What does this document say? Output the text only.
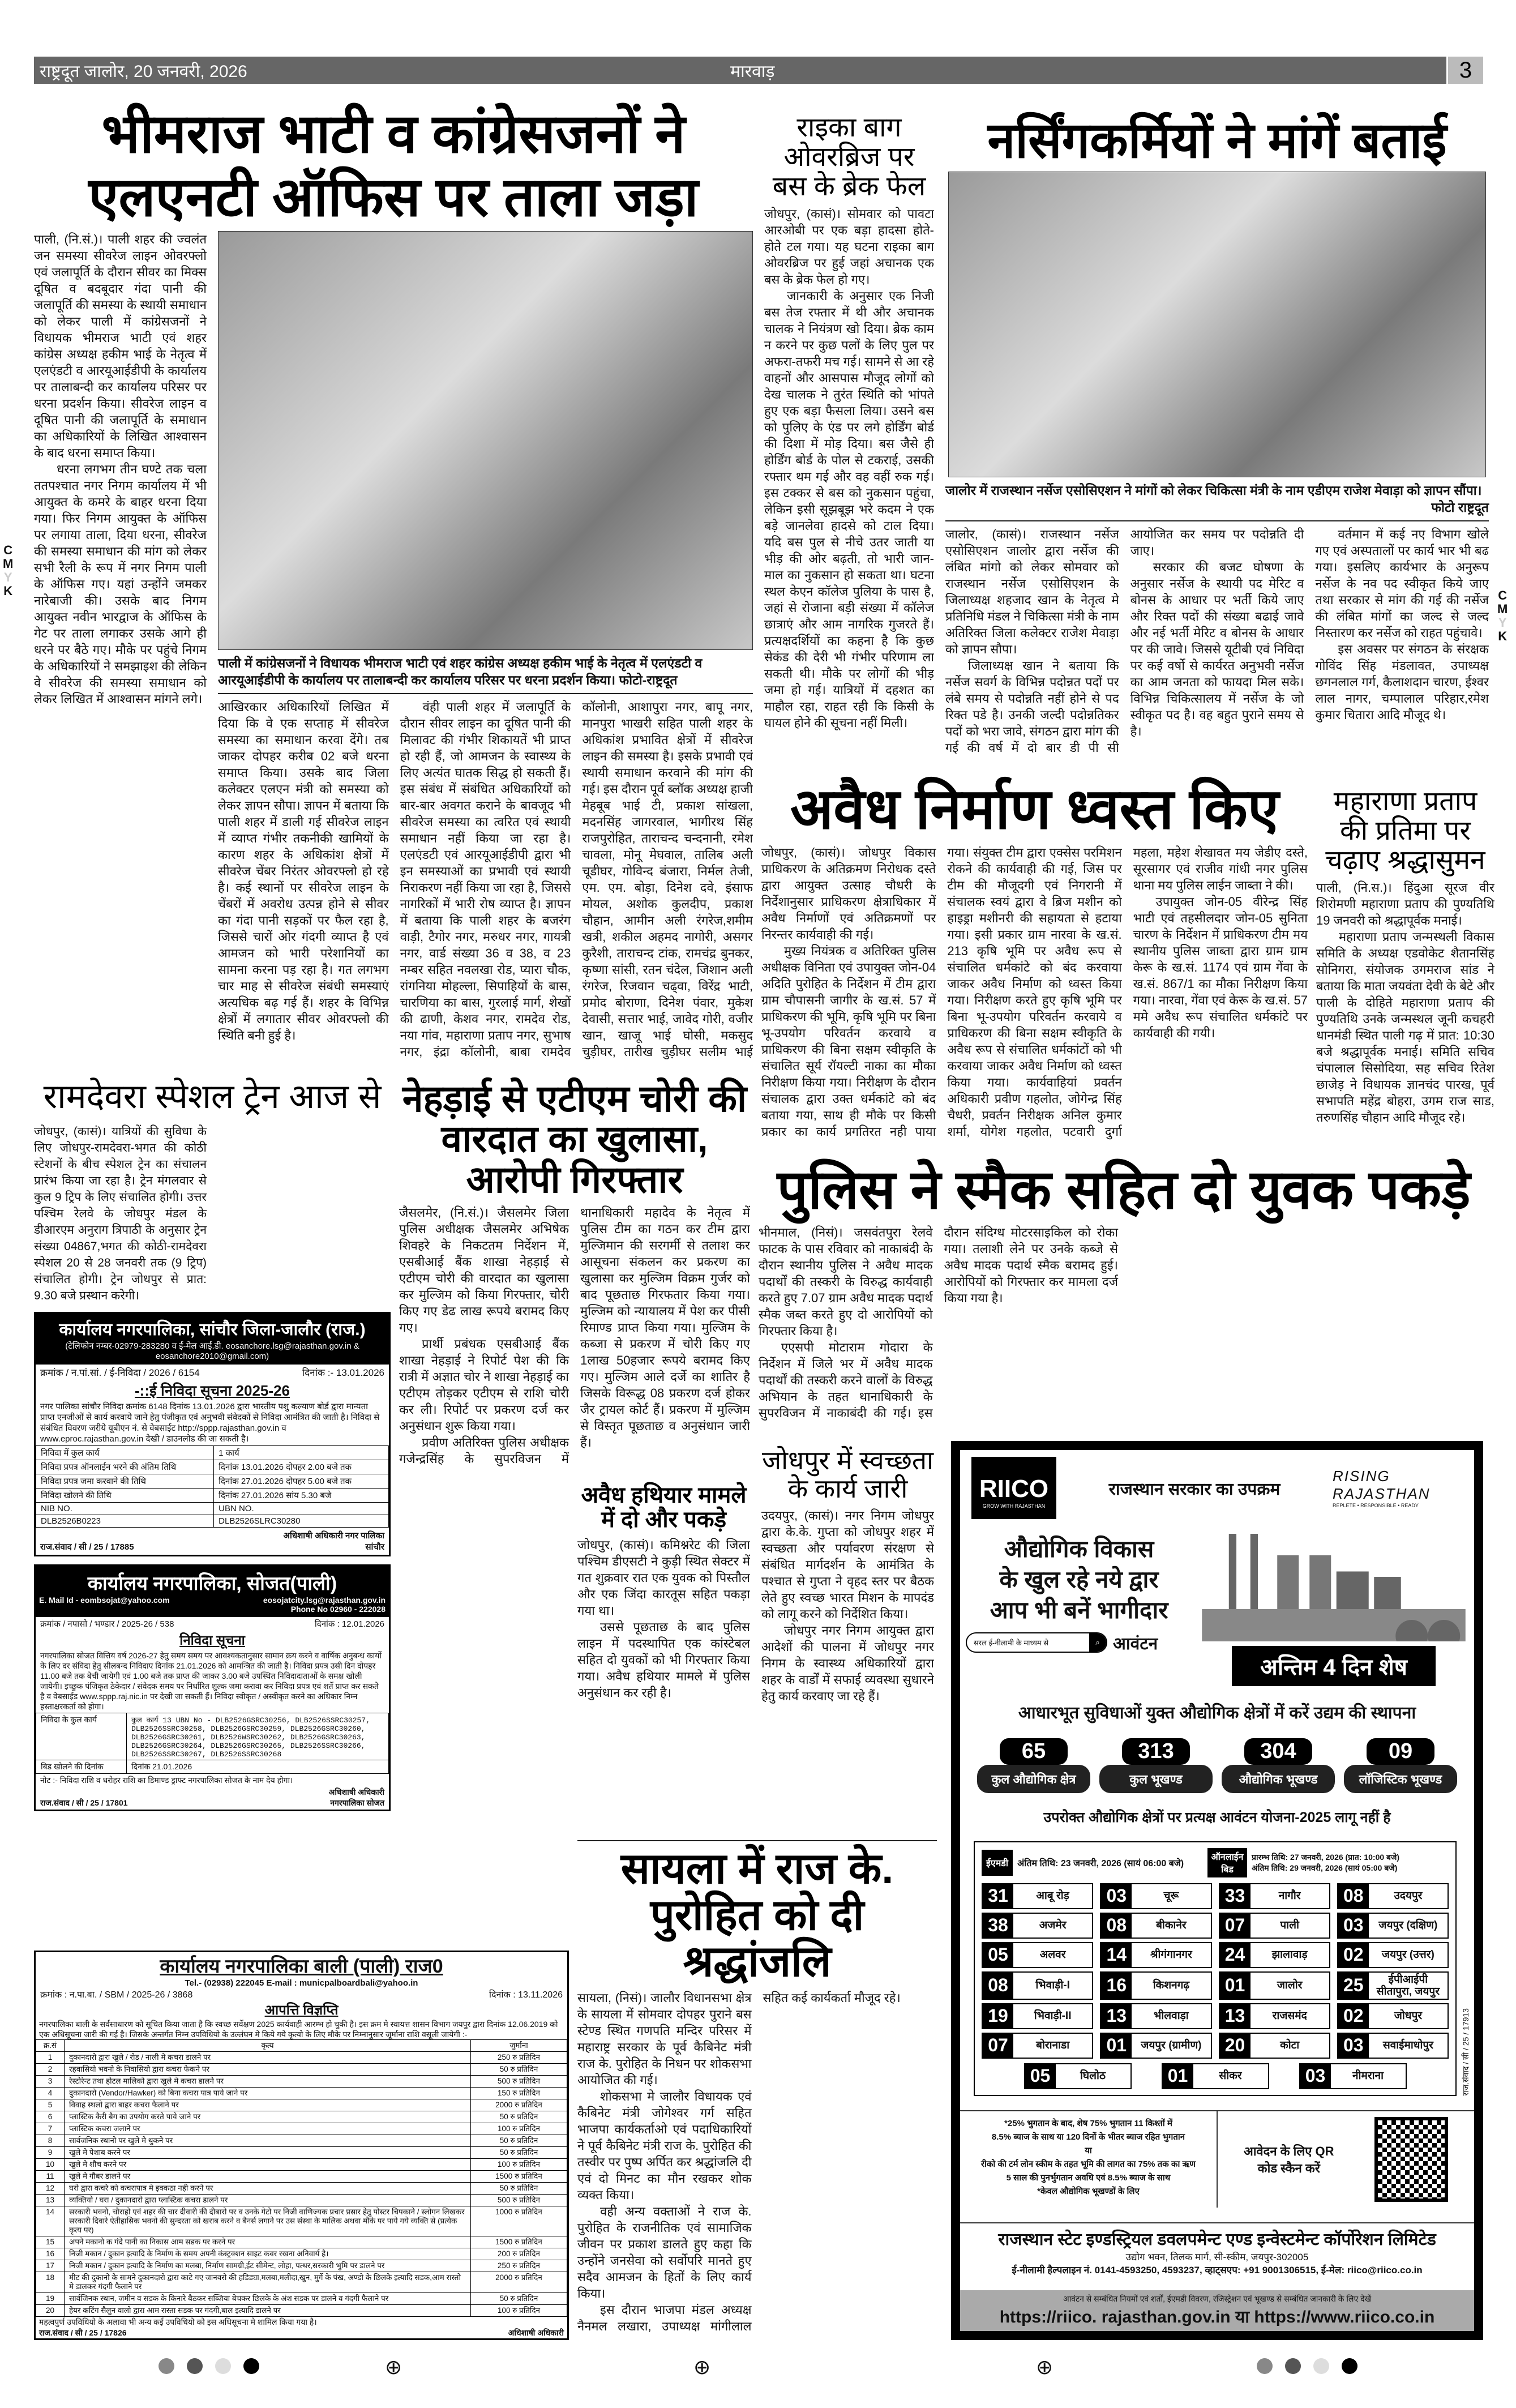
राष्ट्रदूत जालोर, 20 जनवरी, 2026	मारवाड़	3
भीमराज भाटी व कांग्रेसजनों ने
एलएनटी ऑफिस पर ताला जड़ा

पाली, (नि.सं.)। पाली शहर की ज्वलंत जन समस्या सीवरेज लाइन ओवरफ्लो एवं जलापूर्ति के दौरान सीवर का मिक्स दूषित व बदबूदार गंदा पानी की जलापूर्ति की समस्या के स्थायी समाधान को लेकर पाली में कांग्रेसजनों ने विधायक भीमराज भाटी एवं शहर कांग्रेस अध्यक्ष हकीम भाई के नेतृत्व में एलएंडटी व आरयूआईडीपी के कार्यालय पर तालाबन्दी कर कार्यालय परिसर पर धरना प्रदर्शन किया। सीवरेज लाइन व दूषित पानी की जलापूर्ति के समाधान का अधिकारियों के लिखित आश्वासन के बाद धरना समाप्त किया।

धरना लगभग तीन घण्टे तक चला ततपश्चात नगर निगम कार्यालय में भी आयुक्त के कमरे के बाहर धरना दिया गया। फिर निगम आयुक्त के ऑफिस पर लगाया ताला, दिया धरना, सीवरेज की समस्या समाधान की मांग को लेकर सभी रैली के रूप में नगर निगम पाली के ऑफिस गए। यहां उन्होंने जमकर नारेबाजी की। उसके बाद निगम आयुक्त नवीन भारद्वाज के ऑफिस के गेट पर ताला लगाकर उसके आगे ही धरने पर बैठे गए। मौके पर पहुंचे निगम के अधिकारियों ने समझाइश की लेकिन वे सीवरेज की समस्या समाधान को लेकर लिखित में आश्वासन मांगने लगे।

पाली में कांग्रेसजनों ने विधायक भीमराज भाटी एवं शहर कांग्रेस अध्यक्ष हकीम भाई के नेतृत्व में एलएंडटी व आरयूआईडीपी के कार्यालय पर तालाबन्दी कर कार्यालय परिसर पर धरना प्रदर्शन किया। फोटो-राष्ट्रदूत

आखिरकार अधिकारियों लिखित में दिया कि वे एक सप्ताह में सीवरेज समस्या का समाधान करवा देंगे। तब जाकर दोपहर करीब 02 बजे धरना समाप्त किया। उसके बाद जिला कलेक्टर एलएन मंत्री को समस्या को लेकर ज्ञापन सौपा। ज्ञापन में बताया कि पाली शहर में डाली गई सीवरेज लाइन में व्याप्त गंभीर तकनीकी खामियों के कारण शहर के अधिकांश क्षेत्रों में सीवरेज चेंबर निरंतर ओवरफ्लो हो रहे है। कई स्थानों पर सीवरेज लाइन के चेंबरों में अवरोध उत्पन्न होने से सीवर का गंदा पानी सड़कों पर फैल रहा है, जिससे चारों ओर गंदगी व्याप्त है एवं आमजन को भारी परेशानियों का सामना करना पड़ रहा है। गत लगभग चार माह से सीवरेज संबंधी समस्याएं अत्यधिक बढ़ गई हैं। शहर के विभिन्न क्षेत्रों में लगातार सीवर ओवरफ्लो की स्थिति बनी हुई है।

वंही पाली शहर में जलापूर्ति के दौरान सीवर लाइन का दूषित पानी की मिलावट की गंभीर शिकायतें भी प्राप्त हो रही हैं, जो आमजन के स्वास्थ्य के लिए अत्यंत घातक सिद्ध हो सकती हैं। इस संबंध में संबंधित अधिकारियों को बार-बार अवगत कराने के बावजूद भी सीवरेज समस्या का त्वरित एवं स्थायी समाधान नहीं किया जा रहा है। एलएंडटी एवं आरयूआईडीपी द्वारा भी इन समस्याओं का प्रभावी एवं स्थायी निराकरण नहीं किया जा रहा है, जिससे नागरिकों में भारी रोष व्याप्त है। ज्ञापन में बताया कि पाली शहर के बजरंग वाड़ी, टैगोर नगर, मरुधर नगर, गायत्री नगर, वार्ड संख्या 36 व 38, व 23 नम्बर सहित नवलखा रोड, प्यारा चौक, रांगनिया मोहल्ला, सिपाहियों के बास, चारणिया का बास, गुरलाई मार्ग, शेखों की ढाणी, केशव नगर, रामदेव रोड, नया गांव, महाराणा प्रताप नगर, सुभाष नगर, इंद्रा कॉलोनी, बाबा रामदेव कॉलोनी, आशापुरा नगर, बापू नगर, मानपुरा भाखरी सहित पाली शहर के अधिकांश प्रभावित क्षेत्रों में सीवरेज लाइन की समस्या है। इसके प्रभावी एवं स्थायी समाधान करवाने की मांग की गई। इस दौरान पूर्व ब्लॉक अध्यक्ष हाजी मेहबूब भाई टी, प्रकाश सांखला, मदनसिंह जागरवाल, भागीरथ सिंह राजपुरोहित, ताराचन्द चन्दनानी, रमेश चावला, मोनू मेघवाल, तालिब अली चूडीघर, गोविन्द बंजारा, निर्मल तेजी, एम. एम. बोड़ा, दिनेश दवे, इंसाफ मोयल, अशोक कुलदीप, प्रकाश चौहान, आमीन अली रंगरेज,शमीम खत्री, शकील अहमद नागोरी, असगर कुरैशी, ताराचन्द टांक, रामचंद्र बुनकर, कृष्णा सांसी, रतन चंदेल, जिशान अली रंगरेज, रिजवान चढ्वा, विरेंद्र भाटी, प्रमोद बोराणा, दिनेश पंवार, मुकेश देवासी, सत्तार भाई, जावेद गोरी, वजीर खान, खाजू भाई घोसी, मकसुद चुड़ीघर, तारीख चुड़ीघर सलीम भाई

राइका बाग ओवरब्रिज पर बस के ब्रेक फेल

जोधपुर, (कासं)। सोमवार को पावटा आरओबी पर एक बड़ा हादसा होते-होते टल गया। यह घटना राइका बाग ओवरब्रिज पर हुई जहां अचानक एक बस के ब्रेक फेल हो गए।

जानकारी के अनुसार एक निजी बस तेज रफ्तार में थी और अचानक चालक ने नियंत्रण खो दिया। ब्रेक काम न करने पर कुछ पलों के लिए पुल पर अफरा-तफरी मच गई। सामने से आ रहे वाहनों और आसपास मौजूद लोगों को देख चालक ने तुरंत स्थिति को भांपते हुए एक बड़ा फैसला लिया। उसने बस को पुलिए के एंड पर लगे होर्डिंग बोर्ड की दिशा में मोड़ दिया। बस जैसे ही होर्डिंग बोर्ड के पोल से टकराई, उसकी रफ्तार थम गई और वह वहीं रुक गई। इस टक्कर से बस को नुकसान पहुंचा, लेकिन इसी सूझबूझ भरे कदम ने एक बड़े जानलेवा हादसे को टाल दिया। यदि बस पुल से नीचे उतर जाती या भीड़ की ओर बढ़ती, तो भारी जान-माल का नुकसान हो सकता था। घटना स्थल केएन कॉलेज पुलिया के पास है, जहां से रोजाना बड़ी संख्या में कॉलेज छात्राएं और आम नागरिक गुजरते हैं। प्रत्यक्षदर्शियों का कहना है कि कुछ सेकंड की देरी भी गंभीर परिणाम ला सकती थी। मौके पर लोगों की भीड़ जमा हो गई। यात्रियों में दहशत का माहौल रहा, राहत रही कि किसी के घायल होने की सूचना नहीं मिली।

नर्सिंगकर्मियों ने मांगें बताई
जालोर में राजस्थान नर्सेज एसोसिएशन ने मांगों को लेकर चिकित्सा मंत्री के नाम एडीएम राजेश मेवाड़ा को ज्ञापन सौंपा।
फोटो राष्ट्रदूत

जालोर, (कासं)। राजस्थान नर्सेज एसोसिएशन जालोर द्वारा नर्सेज की लंबित मांगो को लेकर सोमवार को राजस्थान नर्सेज एसोसिएशन के जिलाध्यक्ष शहजाद खान के नेतृत्व मे प्रतिनिधि मंडल ने चिकित्सा मंत्री के नाम अतिरिक्त जिला कलेक्टर राजेश मेवाड़ा को ज्ञापन सौपा।

जिलाध्यक्ष खान ने बताया कि नर्सेज सवर्ग के विभिन्न पदोन्नत पदों पर लंबे समय से पदोन्नति नहीं होने से पद रिक्त पडे है। उनकी जल्दी पदोन्नतिकर पदों को भरा जावे, संगठन द्वारा मांग की गई की वर्ष में दो बार डी पी सी आयोजित कर समय पर पदोन्नति दी जाए।

सरकार की बजट घोषणा के अनुसार नर्सेज के स्थायी पद मेरिट व बोनस के आधार पर भर्ती किये जाए और रिक्त पदों की संख्या बढाई जावे और नई भर्ती मेरिट व बोनस के आधार पर की जावे। जिससे यूटीबी एवं निविदा पर कई वर्षो से कार्यरत अनुभवी नर्सेज का आम जनता को फायदा मिल सके। विभिन्न चिकित्सालय में नर्सेज के जो स्वीकृत पद है। वह बहुत पुराने समय से है।

वर्तमान में कई नए विभाग खोले गए एवं अस्पतालों पर कार्य भार भी बढ गया। इसलिए कार्यभार के अनुरूप नर्सेज के नव पद स्वीकृत किये जाए तथा सरकार से मांग की गई की नर्सेज की लंबित मांगों का जल्द से जल्द निस्तारण कर नर्सेज को राहत पहुंचावे।

इस अवसर पर संगठन के संरक्षक गोविंद सिंह मंडलावत, उपाध्यक्ष छगनलाल गर्ग, कैलाशदान चारण, ईश्वर लाल नागर, चम्पालाल परिहार,रमेश कुमार चितारा आदि मौजूद थे।

अवैध निर्माण ध्वस्त किए

जोधपुर, (कासं)। जोधपुर विकास प्राधिकरण के अतिक्रमण निरोधक दस्ते द्वारा आयुक्त उत्साह चौधरी के निर्देशानुसार प्राधिकरण क्षेत्राधिकार में अवैध निर्माणों एवं अतिक्रमणों पर निरन्तर कार्यवाही की गई।

मुख्य नियंत्रक व अतिरिक्त पुलिस अधीक्षक विनिता एवं उपायुक्त जोन-04 अदिति पुरोहित के निर्देशन में टीम द्वारा ग्राम चौपासनी जागीर के ख.सं. 57 में प्राधिकरण की भूमि, कृषि भूमि पर बिना भू-उपयोग परिवर्तन करवाये व प्राधिकरण की बिना सक्षम स्वीकृति के संचालित सूर्य रॉयल्टी नाका का मौका निरीक्षण किया गया। निरीक्षण के दौरान संचालक द्वारा उक्त धर्मकांटे को बंद बताया गया, साथ ही मौके पर किसी प्रकार का कार्य प्रगतिरत नही पाया गया। संयुक्त टीम द्वारा एक्सेस परमिशन रोकने की कार्यवाही की गई, जिस पर टीम की मौजूदगी एवं निगरानी में संचालक स्वयं द्वारा वे ब्रिज मशीन को हाइड्रा मशीनरी की सहायता से हटाया गया। इसी प्रकार ग्राम नारवा के ख.सं. 213 कृषि भूमि पर अवैध रूप से संचालित धर्मकांटे को बंद करवाया जाकर अवैध निर्माण को ध्वस्त किया गया। निरीक्षण करते हुए कृषि भूमि पर बिना भू-उपयोग परिवर्तन करवाये व प्राधिकरण की बिना सक्षम स्वीकृति के अवैध रूप से संचालित धर्मकांटों को भी करवाया जाकर अवैध निर्माण को ध्वस्त किया गया। कार्यवाहियां प्रवर्तन अधिकारी प्रवीण गहलोत, जोगेन्द्र सिंह चैधरी, प्रवर्तन निरीक्षक अनिल कुमार शर्मा, योगेश गहलोत, पटवारी दुर्गा महला, महेश शेखावत मय जेडीए दस्ते, सूरसागर एवं राजीव गांधी नगर पुलिस थाना मय पुलिस लाईन जाब्ता ने की।

उपायुक्त जोन-05 वीरेन्द्र सिंह भाटी एवं तहसीलदार जोन-05 सुनिता चारण के निर्देशन में प्राधिकरण टीम मय स्थानीय पुलिस जाब्ता द्वारा ग्राम ग्राम केरू के ख.सं. 1174 एवं ग्राम गेंवा के ख.सं. 867/1 का मौका निरीक्षण किया गया। नारवा, गेंवा एवं केरू के ख.सं. 57 ममे अवैध रूप संचालित धर्मकांटे पर कार्यवाही की गयी।

महाराणा प्रताप की प्रतिमा पर चढ़ाए श्रद्धासुमन

पाली, (नि.स.)। हिंदुआ सूरज वीर शिरोमणी महाराणा प्रताप की पुण्यतिथि 19 जनवरी को श्रद्धापूर्वक मनाई।

महाराणा प्रताप जन्मस्थली विकास समिति के अध्यक्ष एडवोकेट शैतानसिंह सोनिगरा, संयोजक उगमराज सांड ने बताया कि माता जयवंता देवी के बेटे और पाली के दोहिते महाराणा प्रताप की पुण्यतिथि उनके जन्मस्थल जूनी कचहरी धानमंडी स्थित पाली गढ़ में प्रात: 10:30 बजे श्रद्धापूर्वक मनाई। समिति सचिव चंपालाल सिसोदिया, सह सचिव रितेश छाजेड़ ने विधायक ज्ञानचंद पारख, पूर्व सभापति महेंद्र बोहरा, उगम राज साड, तरुणसिंह चौहान आदि मौजूद रहे।

रामदेवरा स्पेशल ट्रेन आज से

जोधपुर, (कासं)। यात्रियों की सुविधा के लिए जोधपुर-रामदेवरा-भगत की कोठी स्टेशनों के बीच स्पेशल ट्रेन का संचालन प्रारंभ किया जा रहा है। ट्रेन मंगलवार से कुल 9 ट्रिप के लिए संचालित होगी। उत्तर पश्चिम रेलवे के जोधपुर मंडल के डीआरएम अनुराग त्रिपाठी के अनुसार ट्रेन संख्या 04867,भगत की कोठी-रामदेवरा स्पेशल 20 से 28 जनवरी तक (9 ट्रिप) संचालित होगी। ट्रेन जोधपुर से प्रात: 9.30 बजे प्रस्थान करेगी।

कार्यालय नगरपालिका, सांचौर जिला-जालौर (राज.)
(टेलिफोन नम्बर-02979-283280 व ई-मेल आई.डी. eosanchore.lsg@rajasthan.gov.in & eosanchore2010@gmail.com)
क्रमांक / न.पां.सां. / ई-निविदा / 2026 / 6154	दिनांक :- 13.01.2026
-::ई निविदा सूचना 2025-26
नगर पालिका सांचौर निविदा क्रमांक 6148 दिनांक 13.01.2026 द्वारा भारतीय पशु कल्याण बोर्ड द्वारा मान्यता प्राप्त एनजीओं से कार्य करवाये जाने हेतु पंजीकृत एवं अनुभवी संवेदकों से निविदा आमंत्रित की जाती है। निविदा से संबंधित विवरण जरीये यूबीएन नं. से वेबसाईट http://sppp.rajasthan.gov.in व www.eproc.rajasthan.gov.in देखी / डाउनलोड की जा सकती है।
निविदा में कुल कार्य	1 कार्य
निविदा प्रपत्र ऑनलाईन भरने की अंतिम तिथि	दिनांक 13.01.2026 दोपहर 2.00 बजे तक
निविदा प्रपत्र जमा करवाने की तिथि	दिनांक 27.01.2026 दोपहर 5.00 बजे तक
निविदा खोलने की तिथि	दिनांक 27.01.2026 सांय 5.30 बजे
NIB NO.	UBN NO.
DLB2526B0223	DLB2526SLRC30280
राज.संवाद / सी / 25 / 17885
अधिशाषी अधिकारी नगर पालिका सांचौर
कार्यालय नगरपालिका, सोजत(पाली)
E. Mail Id - eombsojat@yahoo.com	eosojatcity.lsg@rajasthan.gov.in Phone No 02960 - 222028
क्रमांक / नपासो / भण्डार / 2025-26 / 538	दिनांक : 12.01.2026
निविदा सूचना
नगरपालिका सोजत वित्तिय वर्ष 2026-27 हेतु समय समय पर आवश्यकतानुसार सामान क्रय करने व वार्षिक अनुबन्ध कार्यो के लिए दर संविदा हेतु सीलबन्द निविदाए दिनांक 21.01.2026 को आमन्त्रित की जाती है। निविदा प्रपत्र उसी दिन दोपहर 11.00 बजे तक बेची जायेगी एवं 1.00 बजे तक प्राप्त की जाकर 3.00 बजे उपस्थित निविदादाताओं के समक्ष खोली जायेगी। इच्छुक पंजिकृत ठेकेदार / संवेदक समय पर निर्धारित शुल्क जमा करावा कर निविदा प्रपत्र एवं शर्ते प्राप्त कर सकते है व वेबसाईड www.sppp.raj.nic.in पर देखी जा सकती हैं। निविदा स्वीकृत / अस्वीकृत करने का अधिकार निम्न हस्ताक्षरकर्ता को होगा।
निविदा के कुल कार्य	कुल कार्य 13 UBN No - DLB2526GSRC30256, DLB2526SSRC30257, DLB2526SSRC30258, DLB2526GSRC30259, DLB2526GSRC30260, DLB2526GSRC30261, DLB2526WSRC30262, DLB2526GSRC30263, DLB2526GSRC30264, DLB2526GSRC30265, DLB2526SSRC30266, DLB2526SSRC30267, DLB2526SSRC30268
बिड खोलने की दिनांक	दिनांक 21.01.2026
नोट :- निविदा राशि व धरोहर राशि का डिमाण्ड ड्राफ्ट नगरपालिका सोजत के नाम देय होगा।
राज.संवाद / सी / 25 / 17801
अधिशाषी अधिकारी नगरपालिका सोजत
कार्यालय नगरपालिका बाली (पाली) राज0
Tel.- (02938) 222045 E-mail : municpalboardbali@yahoo.in
क्रमांक : न.पा.बा. / SBM / 2025-26 / 3868	दिनांक : 13.11.2026
आपत्ति विज्ञप्ति
नगरपालिका बाली के सर्वसाधारण को सूचित किया जाता है कि स्वच्छ सर्वेक्षण 2025 कार्यवाही आरम्भ हो चुकी है। इस क्रम मे स्वायत्त शासन विभाग जयपुर द्वारा दिनांक 12.06.2019 को एक अधिसूचना जारी की गई है। जिसके अन्तर्गत निम्न उपविधियो के उल्लंघन मे किये गये कृत्यो के लिए मौके पर निम्नानुसार जूर्माना राशि वसूली जायेगी :-
क्र.सं	कृत्य	जुर्माना
1	दुकानदारो द्वारा खुले / रोड / नाली मे कचरा डालने पर	250 रु प्रतिदिन
2	रहवासियो भवनो के निवासियो द्वारा कचरा फेकने पर	50 रु प्रतिदिन
3	रेस्टोरेन्ट तथा होटल मालिको द्वारा खुले मे कचरा डालने पर	500 रु प्रतिदिन
4	दुकानदारो (Vendor/Hawker) को बिना कचरा पात्र पाये जाने पर	150 रु प्रतिदिन
5	विवाह स्थलो द्वारा बाहर कचरा फैलाने पर	2000 रु प्रतिदिन
6	प्लास्टिक कैरी बैग का उपयोग करते पाये जाने पर	50 रु प्रतिदिन
7	प्लास्टिक कचरा जलाने पर	100 रु प्रतिदिन
8	सार्वजनिक स्थानो पर खुले मे थुकने पर	50 रु प्रतिदिन
9	खुले मे पेशाब करने पर	50 रु प्रतिदिन
10	खुले मे शौच करने पर	100 रु प्रतिदिन
11	खुले मे गौबर डालने पर	1500 रु प्रतिदिन
12	घरो द्वारा कचरे को कचरापात्र मे इक्कठा नही करने पर	50 रु प्रतिदिन
13	व्यक्तियो / घरा / दुकानदारो द्वारा प्लास्टिक कचरा डालने पर	500 रु प्रतिदिन
14	सरकारी भवनो, चौराहो एवं शहर की चार दीवारी की दीबारो पर व उनके गेटो पर निजी वाणिज्यक प्रचार प्रसार हेतु पोस्टर चिपकाने / स्लोगन लिखकर सरकारी दिवारे ऐतीहासिक भवनो की सुन्दरता को खराब करने व बैनर्स लगाने पर उस संस्था के मालिक अथवा मौके पर पाये गये व्यक्ति से (प्रत्येक कृत्य पर)	1000 रु प्रतिदिन
15	अपने मकानो क गंदे पानी का निकास आम सडक पर करने पर	1500 रु प्रतिदिन
16	निजी मकान / दुकान इत्यादि के निर्माण के समय अपनी कंस्ट्रक्शन साइट कवर रखना अनिवार्य है।	200 रु प्रतिदिन
17	निजी मकान / दुकान इत्यादि के निर्माण का मलबा, निर्माण सामग्री,ईट सीमेन्ट, लोहा, पत्थर,सरकारी भुमि पर डालने पर	250 रु प्रतिदिन
18	मीट की दुकानो के सामने दुकानदारो द्वारा काटे गए जानवरो की हडिड्या,मलबा,मलीदा,खुन, मुर्गे के पंख, अण्डो के छिलके इत्यादि सडक,आम रास्तो मे डालकर गंदगी फैलाने पर	2000 रु प्रतिदिन
19	सार्वजिनक स्थान, जमीन व सडक के किनारे बैठकर सब्जिया बेचकर छिलके के अंश सडक पर डालने व गंदगी फैलाने पर	50 रु प्रतिदिन
20	हेयर कटिंग सैलुन वालो द्वारा आम रास्ता सडक पर गंदगी,बाल इत्यादि डालने पर	100 रु प्रतिदिन
महत्वपुर्ण उपविधियो के अलावा भी अन्य कई उपविधियो को इस अधिसूचना मे शामिल किया गया है।
राज.संवाद / सी / 25 / 17826	अधिशाषी अधिकारी
नेहड़ाई से एटीएम चोरी की वारदात का खुलासा, आरोपी गिरफ्तार

जैसलमेर, (नि.सं.)। जैसलमेर जिला पुलिस अधीक्षक जैसलमेर अभिषेक शिवहरे के निकटतम निर्देशन में, एसबीआई बैंक शाखा नेहड़ाई से एटीएम चोरी की वारदात का खुलासा कर मुल्जिम को किया गिरफ्तार, चोरी किए गए डेढ लाख रूपये बरामद किए गए।

प्रार्थी प्रबंधक एसबीआई बैंक शाखा नेहड़ाई ने रिपोर्ट पेश की कि रात्री में अज्ञात चोर ने शाखा नेहड़ाई का एटीएम तोड़कर एटीएम से राशि चोरी कर ली। रिपोर्ट पर प्रकरण दर्ज कर अनुसंधान शुरू किया गया।

प्रवीण अतिरिक्त पुलिस अधीक्षक गजेन्द्रसिंह के सुपरविजन में थानाधिकारी महादेव के नेतृत्व में पुलिस टीम का गठन कर टीम द्वारा मुल्जिमान की सरगर्मी से तलाश कर आसूचना संकलन कर प्रकरण का खुलासा कर मुल्जिम विक्रम गुर्जर को बाद पूछताछ गिरफतार किया गया। मुल्जिम को न्यायालय में पेश कर पीसी रिमाण्ड प्राप्त किया गया। मुल्जिम के कब्जा से प्रकरण में चोरी किए गए 1लाख 50हजार रूपये बरामद किए गए। मुल्जिम आले दर्जे का शातिर है जिसके विरूद्ध 08 प्रकरण दर्ज होकर जैर ट्रायल कोर्ट हैं। प्रकरण में मुल्जिम से विस्तृत पूछताछ व अनुसंधान जारी हैं।

अवैध हथियार मामले में दो और पकड़े

जोधपुर, (कासं)। कमिश्नरेट की जिला पश्चिम डीएसटी ने कुड़ी स्थित सेक्टर में गत शुक्रवार रात एक युवक को पिस्तौल और एक जिंदा कारतूस सहित पकड़ा गया था।

उससे पूछताछ के बाद पुलिस लाइन में पदस्थापित एक कांस्टेबल सहित दो युवकों को भी गिरफ्तार किया गया। अवैध हथियार मामले में पुलिस अनुसंधान कर रही है।

पुलिस ने स्मैक सहित दो युवक पकड़े

भीनमाल, (निसं)। जसवंतपुरा रेलवे फाटक के पास रविवार को नाकाबंदी के दौरान स्थानीय पुलिस ने अवैध मादक पदार्थों की तस्करी के विरुद्ध कार्यवाही करते हुए 7.07 ग्राम अवैध मादक पदार्थ स्मैक जब्त करते हुए दो आरोपियों को गिरफ्तार किया है।

एएसपी मोटाराम गोदारा के निर्देशन में जिले भर में अवैध मादक पदार्थों की तस्करी करने वालों के विरुद्ध अभियान के तहत थानाधिकारी के सुपरविजन में नाकाबंदी की गई। इस दौरान संदिग्ध मोटरसाइकिल को रोका गया। तलाशी लेने पर उनके कब्जे से अवैध मादक पदार्थ स्मैक बरामद हुई। आरोपियों को गिरफ्तार कर मामला दर्ज किया गया है।

जोधपुर में स्वच्छता के कार्य जारी

उदयपुर, (कासं)। नगर निगम जोधपुर द्वारा के.के. गुप्ता को जोधपुर शहर में स्वच्छता और पर्यावरण संरक्षण से संबंधित मार्गदर्शन के आमंत्रित के पश्चात से गुप्ता ने वृहद स्तर पर बैठक लेते हुए स्वच्छ भारत मिशन के मापदंड को लागू करने को निर्देशित किया।

जोधपुर नगर निगम आयुक्त द्वारा आदेशों की पालना में जोधपुर नगर निगम के स्वास्थ्य अधिकारियों द्वारा शहर के वार्डों में सफाई व्यवस्था सुधारने हेतु कार्य करवाए जा रहे हैं।

सायला में राज के. पुरोहित को दी श्रद्धांजलि

सायला, (निसं)। जालौर विधानसभा क्षेत्र के सायला में सोमवार दोपहर पुराने बस स्टेण्ड स्थित गणपति मन्दिर परिसर में महाराष्ट्र सरकार के पूर्व कैबिनेट मंत्री राज के. पुरोहित के निधन पर शोकसभा आयोजित की गई।

शोकसभा मे जालौर विधायक एवं कैबिनेट मंत्री जोगेश्वर गर्ग सहित भाजपा कार्यकर्ताओ एवं पदाधिकारियों ने पूर्व कैबिनेट मंत्री राज के. पुरोहित की तस्वीर पर पुष्प अर्पित कर श्रद्धांजलि दी एवं दो मिनट का मौन रखकर शोक व्यक्त किया।

वही अन्य वक्ताओं ने राज के. पुरोहित के राजनीतिक एवं सामाजिक जीवन पर प्रकाश डालते हुए कहा कि उन्होंने जनसेवा को सर्वोपरि मानते हुए सदैव आमजन के हितों के लिए कार्य किया।

इस दौरान भाजपा मंडल अध्यक्ष नैनमल लखारा, उपाध्यक्ष मांगीलाल सहित कई कार्यकर्ता मौजूद रहे।

RIICO
GROW WITH RAJASTHAN
राजस्थान सरकार का उपक्रम
RISING RAJASTHAN
REPLETE • RESPONSIBLE • READY
औद्योगिक विकास
के खुल रहे नये द्वार
आप भी बनें भागीदार
सरल ई-नीलामी के माध्यम से	⌕ आवंटन
अन्तिम 4 दिन शेष
आधारभूत सुविधाओं युक्त औद्योगिक क्षेत्रों में करें उद्यम की स्थापना
65
कुल औद्योगिक क्षेत्र
313
कुल भूखण्ड
304
औद्योगिक भूखण्ड
09
लॉजिस्टिक भूखण्ड
उपरोक्त औद्योगिक क्षेत्रों पर प्रत्यक्ष आवंटन योजना-2025 लागू नहीं है
ईएमडी	अंतिम तिथि: 23 जनवरी, 2026 (सायं 06:00 बजे)
ऑनलाईन बिड
प्रारम्भ तिथि: 27 जनवरी, 2026 (प्रात: 10:00 बजे)
अंतिम तिथि: 29 जनवरी, 2026 (सायं 05:00 बजे)
31	आबू रोड़	03	चूरू	33	नागौर	08	उदयपुर
38	अजमेर	08	बीकानेर	07	पाली	03	जयपुर (दक्षिण)
05	अलवर	14	श्रीगंगानगर	24	झालावाड़	02	जयपुर (उत्तर)
08	भिवाड़ी-I	16	किशनगढ़	01	जालोर	25	ईपीआईपी सीतापुरा, जयपुर
19	भिवाड़ी-II	13	भीलवाड़ा	13	राजसमंद	02	जोधपुर
07	बोरानाडा	01	जयपुर (ग्रामीण)	20	कोटा	03	सवाईमाधोपुर
05	घिलोठ	01	सीकर	03	नीमराना	राज.संवाद / सी / 25 / 17913
*25% भुगतान के बाद, शेष 75% भुगतान 11 किश्तों में
8.5% ब्याज के साथ या 120 दिनों के भीतर ब्याज रहित भुगतान
या
रीको की टर्म लोन स्कीम के तहत भूमि की लागत का 75% तक का ऋण
5 साल की पुनर्भुगतान अवधि एवं 8.5% ब्याज के साथ
*केवल औद्योगिक भूखण्डों के लिए
आवेदन के लिए QR कोड स्कैन करें
राजस्थान स्टेट इण्डस्ट्रियल डवलपमेन्ट एण्ड इन्वेस्टमेन्ट कॉर्पोरेशन लिमिटेड
उद्योग भवन, तिलक मार्ग, सी-स्कीम, जयपुर-302005
ई-नीलामी हैल्पलाइन नं. 0141-4593250, 4593237, व्हाट्सएप: +91 9001306515, ई-मेल: riico@riico.co.in
आवंटन से सम्बंधित नियमों एवं शर्तों, ईएमडी विवरण, रजिस्ट्रेशन एवं भूखण्ड से सम्बंधित जानकारी के लिए देखें
https://riico. rajasthan.gov.in या https://www.riico.co.in
C
M
Y
K	C
M
Y
K
⊕	⊕	⊕
